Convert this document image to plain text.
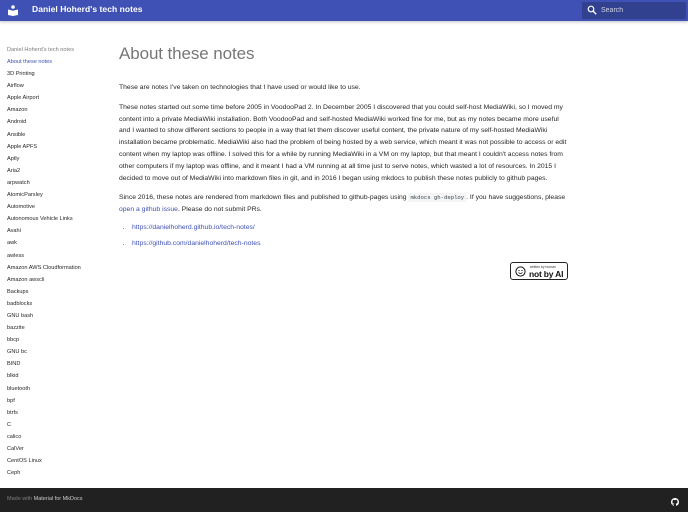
Daniel Hoherd's tech notes
Search
Daniel Hoherd's tech notes
About these notes
3D Printing
Airflow
Apple Airport
Amazon
Android
Ansible
Apple APFS
Aptly
Aria2
arpwatch
AtomicParsley
Automotive
Autonomous Vehicle Links
Avahi
awk
awless
Amazon AWS Cloudformation
Amazon awscli
Backups
badblocks
GNU bash
bazzite
bbcp
GNU bc
BIND
blkid
bluetooth
bpf
btrfs
C
calico
CalVer
CentOS Linux
Ceph
About these notes

These are notes I've taken on technologies that I have used or would like to use.

These notes started out some time before 2005 in VoodooPad 2. In December 2005 I discovered that you could self-host MediaWiki, so I moved my content into a private MediaWiki installation. Both VoodooPad and self-hosted MediaWiki worked fine for me, but as my notes became more useful and I wanted to show different sections to people in a way that let them discover useful content, the private nature of my self-hosted MediaWiki installation became problematic. MediaWiki also had the problem of being hosted by a web service, which meant it was not possible to access or edit content when my laptop was offline. I solved this for a while by running MediaWiki in a VM on my laptop, but that meant I couldn't access notes from other computers if my laptop was offline, and it meant I had a VM running at all time just to serve notes, which wasted a lot of resources. In 2015 I decided to move out of MediaWiki into markdown files in git, and in 2016 I began using mkdocs to publish these notes publicly to github pages.

Since 2016, these notes are rendered from markdown files and published to github-pages using mkdocs gh-deploy . If you have suggestions, please open a github issue. Please do not submit PRs.

• https://danielhoherd.github.io/tech-notes/
• https://github.com/danielhoherd/tech-notes
written by human
not by AI
Made with Material for MkDocs
